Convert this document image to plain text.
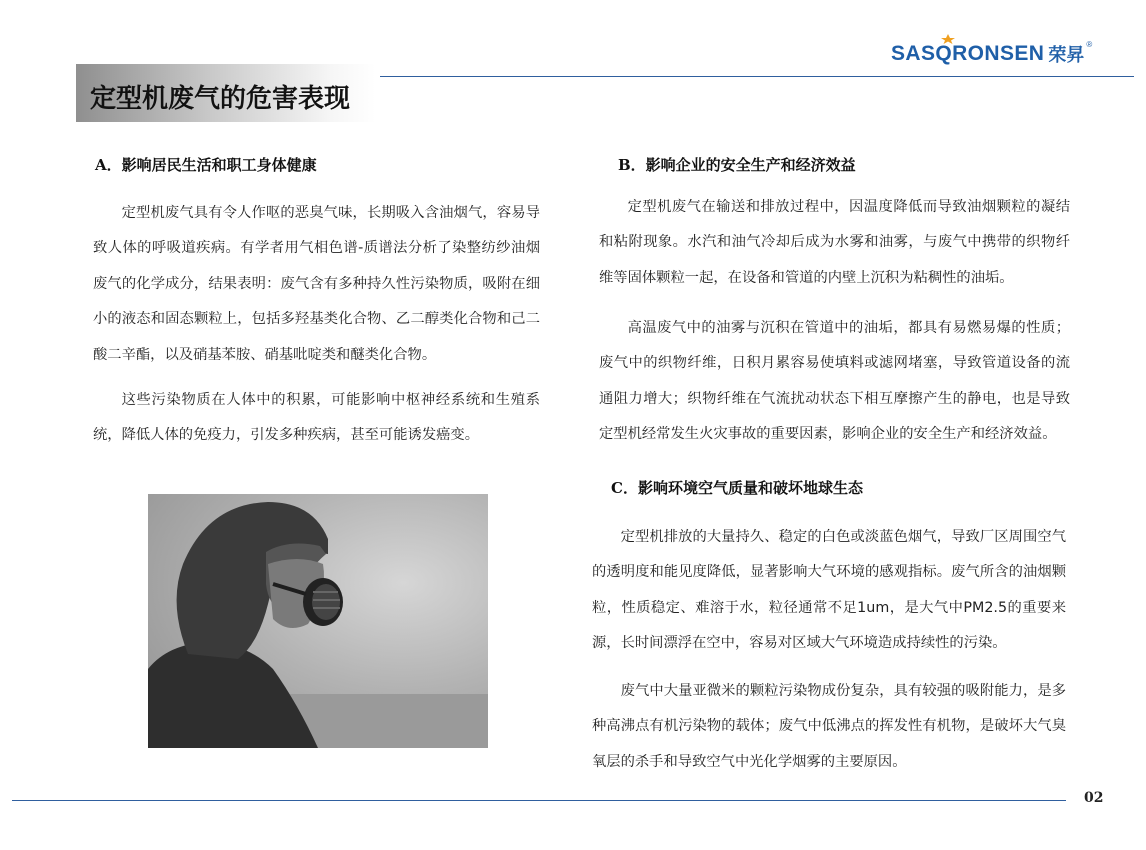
SASQRONSEN 荣昇
®
定型机废气的危害表现
A．影响居民生活和职工身体健康

定型机废气具有令人作呕的恶臭气味，长期吸入含油烟气，容易导致人体的呼吸道疾病。有学者用气相色谱-质谱法分析了染整纺纱油烟废气的化学成分，结果表明：废气含有多种持久性污染物质，吸附在细小的液态和固态颗粒上，包括多羟基类化合物、乙二醇类化合物和己二酸二辛酯，以及硝基苯胺、硝基吡啶类和醚类化合物。

这些污染物质在人体中的积累，可能影响中枢神经系统和生殖系统，降低人体的免疫力，引发多种疾病，甚至可能诱发癌变。

B．影响企业的安全生产和经济效益

定型机废气在输送和排放过程中，因温度降低而导致油烟颗粒的凝结和粘附现象。水汽和油气冷却后成为水雾和油雾，与废气中携带的织物纤维等固体颗粒一起，在设备和管道的内壁上沉积为粘稠性的油垢。

高温废气中的油雾与沉积在管道中的油垢，都具有易燃易爆的性质；废气中的织物纤维，日积月累容易使填料或滤网堵塞，导致管道设备的流通阻力增大；织物纤维在气流扰动状态下相互摩擦产生的静电，也是导致定型机经常发生火灾事故的重要因素，影响企业的安全生产和经济效益。

C．影响环境空气质量和破坏地球生态

定型机排放的大量持久、稳定的白色或淡蓝色烟气，导致厂区周围空气的透明度和能见度降低，显著影响大气环境的感观指标。废气所含的油烟颗粒，性质稳定、难溶于水，粒径通常不足1um，是大气中PM2.5的重要来源，长时间漂浮在空中，容易对区域大气环境造成持续性的污染。

废气中大量亚微米的颗粒污染物成份复杂，具有较强的吸附能力，是多种高沸点有机污染物的载体；废气中低沸点的挥发性有机物，是破坏大气臭氧层的杀手和导致空气中光化学烟雾的主要原因。

02
